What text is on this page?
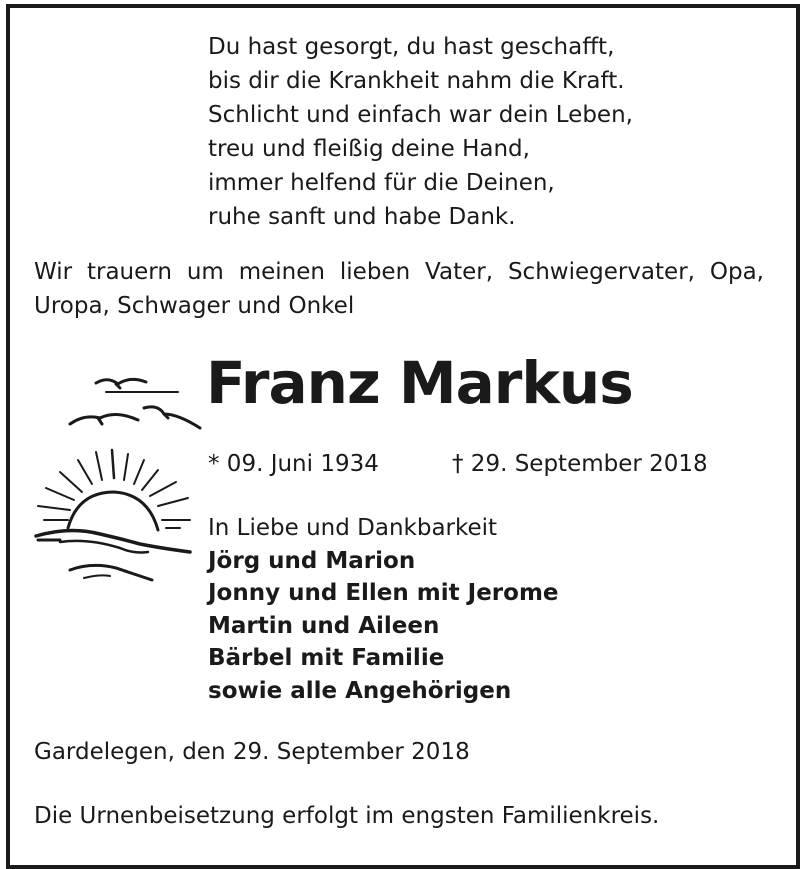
Du hast gesorgt, du hast geschafft,
bis dir die Krankheit nahm die Kraft.
Schlicht und einfach war dein Leben,
treu und fleißig deine Hand,
immer helfend für die Deinen,
ruhe sanft und habe Dank.
Wir trauern um meinen lieben Vater, Schwiegervater, Opa,
Uropa, Schwager und Onkel
Franz Markus
* 09. Juni 1934	† 29. September 2018
In Liebe und Dankbarkeit
Jörg und Marion
Jonny und Ellen mit Jerome
Martin und Aileen
Bärbel mit Familie
sowie alle Angehörigen
Gardelegen, den 29. September 2018
Die Urnenbeisetzung erfolgt im engsten Familienkreis.
